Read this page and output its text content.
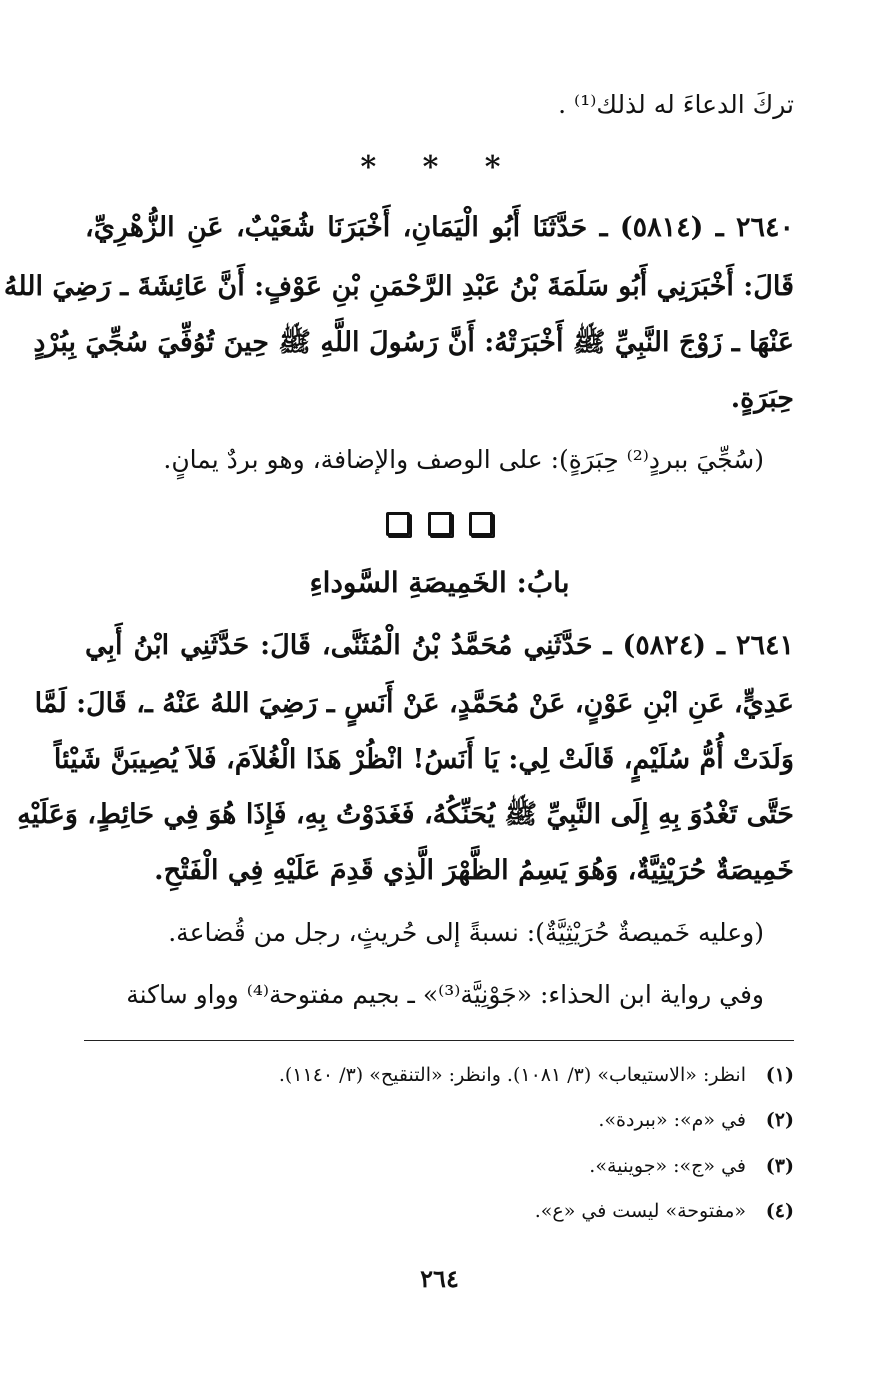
تركَ الدعاءَ له لذلك⁽¹⁾ .
* * *
٢٦٤٠ ـ (٥٨١٤) ـ حَدَّثَنَا أَبُو الْيَمَانِ، أَخْبَرَنَا شُعَيْبٌ، عَنِ الزُّهْرِيِّ،
قَالَ: أَخْبَرَنِي أَبُو سَلَمَةَ بْنُ عَبْدِ الرَّحْمَنِ بْنِ عَوْفٍ: أَنَّ عَائِشَةَ ـ رَضِيَ اللهُ
عَنْهَا ـ زَوْجَ النَّبِيِّ ﷺ أَخْبَرَتْهُ: أَنَّ رَسُولَ اللَّهِ ﷺ حِينَ تُوُفِّيَ سُجِّيَ بِبُرْدٍ
حِبَرَةٍ.
(سُجِّيَ ببردٍ⁽²⁾ حِبَرَةٍ): على الوصف والإضافة، وهو بردٌ يمانٍ.

بابُ: الخَمِيصَةِ السَّوداءِ
٢٦٤١ ـ (٥٨٢٤) ـ حَدَّثَنِي مُحَمَّدُ بْنُ الْمُثَنَّى، قَالَ: حَدَّثَنِي ابْنُ أَبِي
عَدِيٍّ، عَنِ ابْنِ عَوْنٍ، عَنْ مُحَمَّدٍ، عَنْ أَنَسٍ ـ رَضِيَ اللهُ عَنْهُ ـ، قَالَ: لَمَّا
وَلَدَتْ أُمُّ سُلَيْمٍ، قَالَتْ لِي: يَا أَنَسُ! انْظُرْ هَذَا الْغُلاَمَ، فَلاَ يُصِيبَنَّ شَيْئاً
حَتَّى تَغْدُوَ بِهِ إِلَى النَّبِيِّ ﷺ يُحَنِّكُهُ، فَغَدَوْتُ بِهِ، فَإِذَا هُوَ فِي حَائِطٍ، وَعَلَيْهِ
خَمِيصَةٌ حُرَيْثِيَّةٌ، وَهُوَ يَسِمُ الظَّهْرَ الَّذِي قَدِمَ عَلَيْهِ فِي الْفَتْحِ.
(وعليه خَميصةٌ حُرَيْثِيَّةٌ): نسبةً إلى حُريثٍ، رجل من قُضاعة.
وفي رواية ابن الحذاء: «جَوْنِيَّة⁽³⁾» ـ بجيم مفتوحة⁽⁴⁾ وواو ساكنة
(١)انظر: «الاستيعاب» (٣/ ١٠٨١). وانظر: «التنقيح» (٣/ ١١٤٠).
(٢)في «م»: «ببردة».
(٣)في «ج»: «جوينية».
(٤)«مفتوحة» ليست في «ع».
٢٦٤
